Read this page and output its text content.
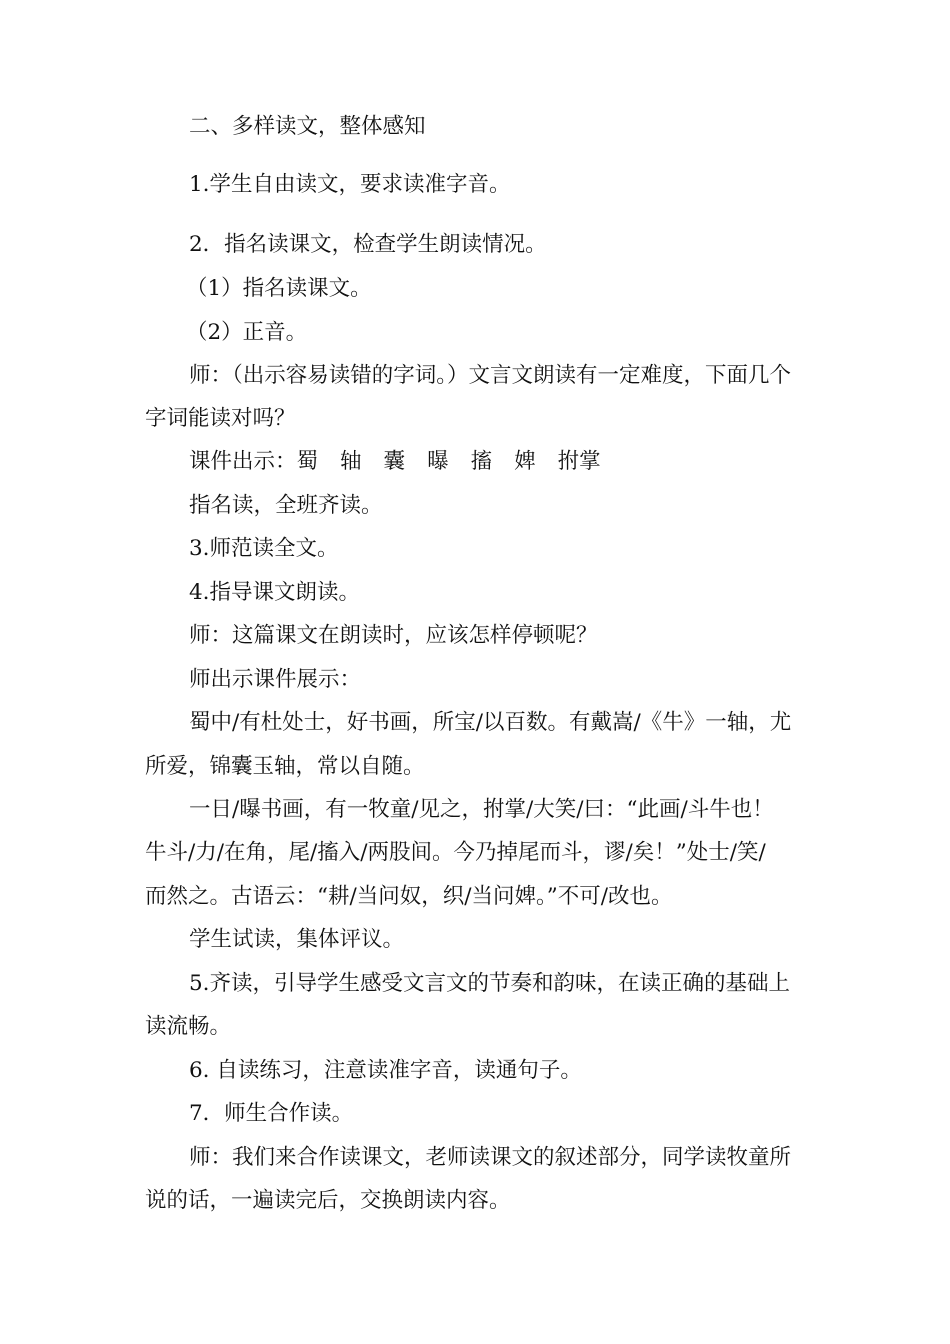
二、多样读文，整体感知
1.学生自由读文，要求读准字音。
2．指名读课文，检查学生朗读情况。
（1）指名读课文。
（2）正音。
师：（出示容易读错的字词。）文言文朗读有一定难度，下面几个
字词能读对吗？
课件出示：蜀 轴 囊 曝 搐 婢 拊掌
指名读，全班齐读。
3.师范读全文。
4.指导课文朗读。
师：这篇课文在朗读时，应该怎样停顿呢？
师出示课件展示：
蜀中/有杜处士，好书画，所宝/以百数。有戴嵩/《牛》一轴，尤
所爱，锦囊玉轴，常以自随。
一日/曝书画，有一牧童/见之，拊掌/大笑/曰：“此画/斗牛也！
牛斗/力/在角，尾/搐入/两股间。今乃掉尾而斗，谬/矣！”处士/笑/
而然之。古语云：“耕/当问奴，织/当问婢。”不可/改也。
学生试读，集体评议。
5.齐读，引导学生感受文言文的节奏和韵味，在读正确的基础上
读流畅。
6. 自读练习，注意读准字音，读通句子。
7．师生合作读。
师：我们来合作读课文，老师读课文的叙述部分，同学读牧童所
说的话，一遍读完后，交换朗读内容。
